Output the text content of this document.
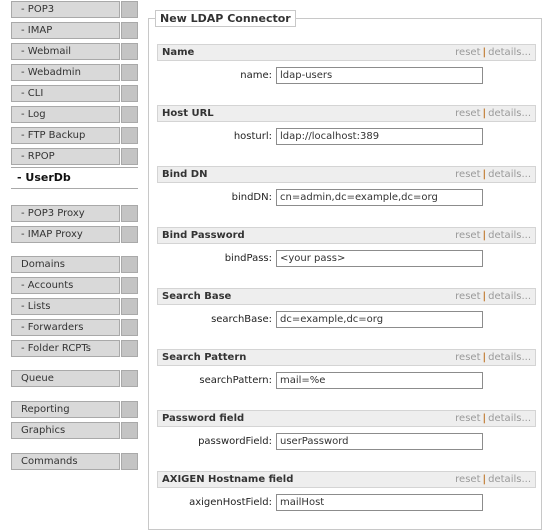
- POP3
- IMAP
- Webmail
- Webadmin
- CLI
- Log
- FTP Backup
- RPOP
- UserDb
- POP3 Proxy
- IMAP Proxy
Domains
- Accounts
- Lists
- Forwarders
- Folder RCPTs
Queue
Reporting
Graphics
Commands
New LDAP Connector
Name	reset | details...
name:
ldap-users
Host URL	reset | details...
hosturl:
ldap://localhost:389
Bind DN	reset | details...
bindDN:
cn=admin,dc=example,dc=org
Bind Password	reset | details...
bindPass:
<your pass>
Search Base	reset | details...
searchBase:
dc=example,dc=org
Search Pattern	reset | details...
searchPattern:
mail=%e
Password field	reset | details...
passwordField:
userPassword
AXIGEN Hostname field	reset | details...
axigenHostField:
mailHost
